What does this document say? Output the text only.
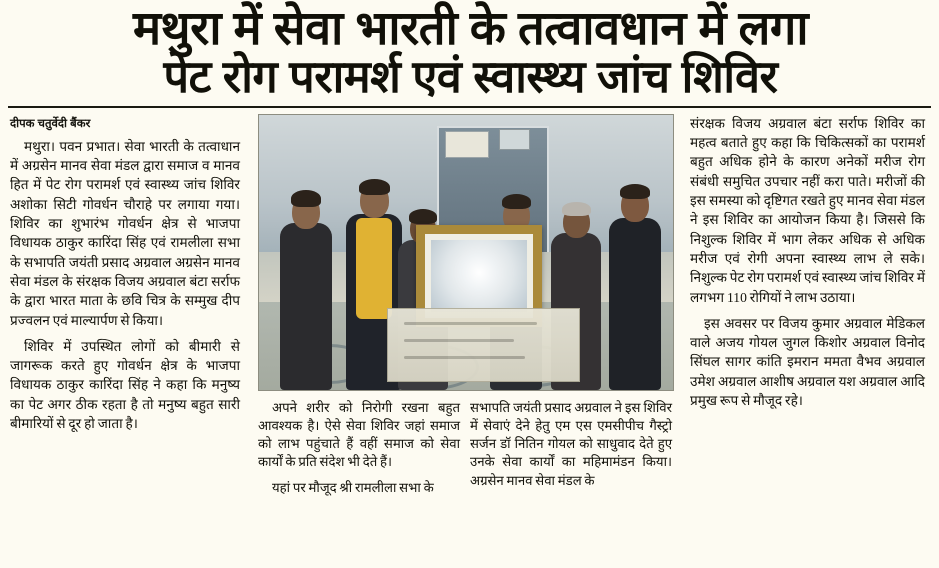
मथुरा में सेवा भारती के तत्वावधान में लगा
पेट रोग परामर्श एवं स्वास्थ्य जांच शिविर
दीपक चतुर्वेदी बैंकर

मथुरा। पवन प्रभात। सेवा भारती के तत्वाधान में अग्रसेन मानव सेवा मंडल द्वारा समाज व मानव हित में पेट रोग परामर्श एवं स्वास्थ्य जांच शिविर अशोका सिटी गोवर्धन चौराहे पर लगाया गया। शिविर का शुभारंभ गोवर्धन क्षेत्र से भाजपा विधायक ठाकुर कारिंदा सिंह एवं रामलीला सभा के सभापति जयंती प्रसाद अग्रवाल अग्रसेन मानव सेवा मंडल के संरक्षक विजय अग्रवाल बंटा सर्राफ के द्वारा भारत माता के छवि चित्र के सम्मुख दीप प्रज्वलन एवं माल्यार्पण से किया।

शिविर में उपस्थित लोगों को बीमारी से जागरूक करते हुए गोवर्धन क्षेत्र के भाजपा विधायक ठाकुर कारिंदा सिंह ने कहा कि मनुष्य का पेट अगर ठीक रहता है तो मनुष्य बहुत सारी बीमारियों से दूर हो जाता है।

अपने शरीर को निरोगी रखना बहुत आवश्यक है। ऐसे सेवा शिविर जहां समाज को लाभ पहुंचाते हैं वहीं समाज को सेवा कार्यों के प्रति संदेश भी देते हैं।

यहां पर मौजूद श्री रामलीला सभा के

सभापति जयंती प्रसाद अग्रवाल ने इस शिविर में सेवाएं देने हेतु एम एस एमसीपीच गैस्ट्रो सर्जन डॉ नितिन गोयल को साधुवाद देते हुए उनके सेवा कार्यों का महिमामंडन किया। अग्रसेन मानव सेवा मंडल के

संरक्षक विजय अग्रवाल बंटा सर्राफ शिविर का महत्व बताते हुए कहा कि चिकित्सकों का परामर्श बहुत अधिक होने के कारण अनेकों मरीज रोग संबंधी समुचित उपचार नहीं करा पाते। मरीजों की इस समस्या को दृष्टिगत रखते हुए मानव सेवा मंडल ने इस शिविर का आयोजन किया है। जिससे कि निशुल्क शिविर में भाग लेकर अधिक से अधिक मरीज एवं रोगी अपना स्वास्थ्य लाभ ले सके। निशुल्क पेट रोग परामर्श एवं स्वास्थ्य जांच शिविर में लगभग 110 रोगियों ने लाभ उठाया।

इस अवसर पर विजय कुमार अग्रवाल मेडिकल वाले अजय गोयल जुगल किशोर अग्रवाल विनोद सिंघल सागर कांति इमरान ममता वैभव अग्रवाल उमेश अग्रवाल आशीष अग्रवाल यश अग्रवाल आदि प्रमुख रूप से मौजूद रहे।
